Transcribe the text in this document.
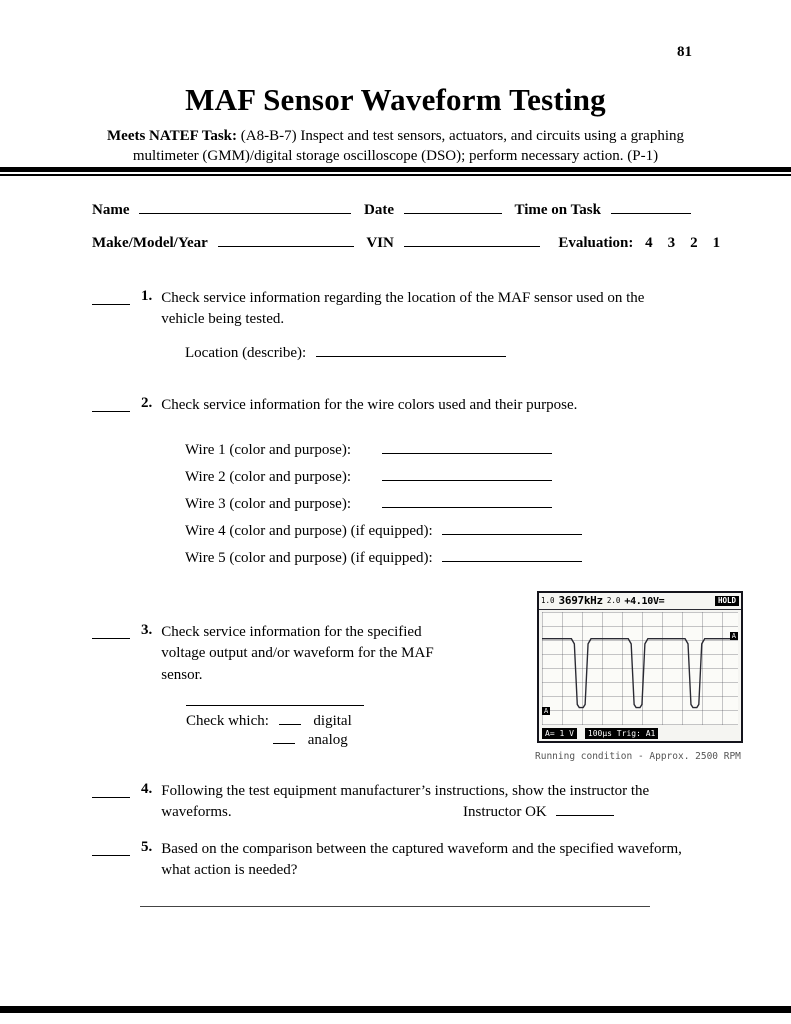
81
MAF Sensor Waveform Testing

Meets NATEF Task: (A8-B-7) Inspect and test sensors, actuators, and circuits using a graphing multimeter (GMM)/digital storage oscilloscope (DSO); perform necessary action. (P-1)

Name	Date	Time on Task
Make/Model/Year	VIN	Evaluation: 4    3    2    1
1. Check service information regarding the location of the MAF sensor used on the vehicle being tested.
Location (describe):
2. Check service information for the wire colors used and their purpose.
Wire 1 (color and purpose):
Wire 2 (color and purpose):
Wire 3 (color and purpose):
Wire 4 (color and purpose) (if equipped):
Wire 5 (color and purpose) (if equipped):
3. Check service information for the specified voltage output and/or waveform for the MAF sensor.
Check which:	digital
analog
1.0 3697kHz 2.0 +4.10V=	HOLD
A
A
A= 1 V	100µs Trig: A1
Running condition - Approx. 2500 RPM
4. Following the test equipment manufacturer’s instructions, show the instructor the waveforms.	Instructor OK
5. Based on the comparison between the captured waveform and the specified waveform, what action is needed?
